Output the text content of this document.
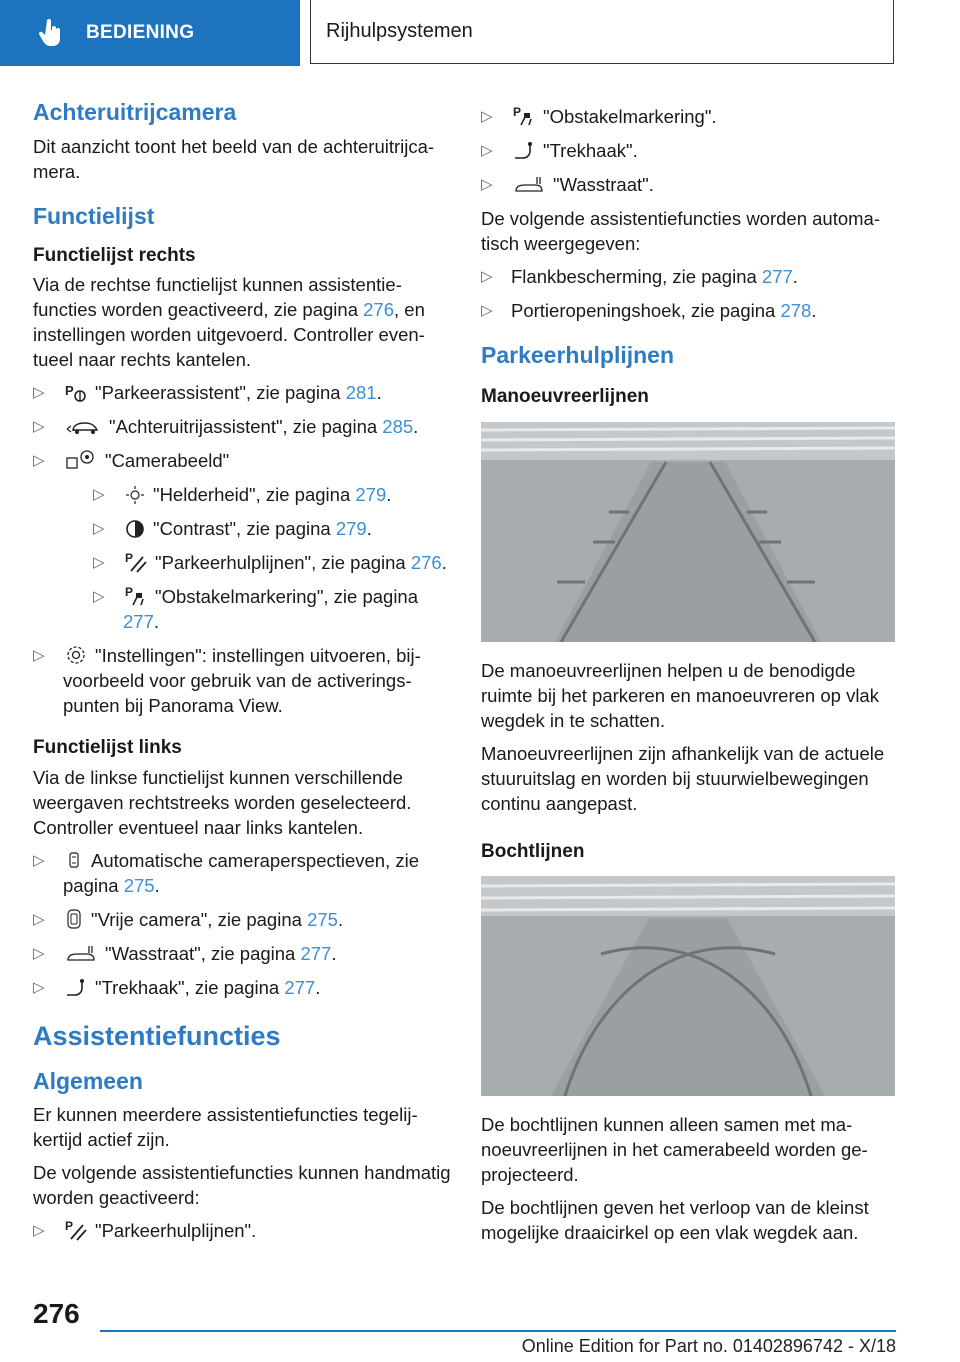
BEDIENING	Rijhulpsystemen
Achteruitrijcamera

Dit aanzicht toont het beeld van de achteruitrijcamera.

Functielijst
Functielijst rechts

Via de rechtse functielijst kunnen assistentiefuncties worden geactiveerd, zie pagina 276, en instellingen worden uitgevoerd. Controller eventueel naar rechts kantelen.

▷ P "Parkeerassistent", zie pagina 281.
▷	"Achteruitrijassistent", zie pagina 285.
▷	"Camerabeeld"
▷	"Helderheid", zie pagina 279.
▷	"Contrast", zie pagina 279.
▷ P "Parkeerhulplijnen", zie pagina 276.
▷ P "Obstakelmarkering", zie pagina 277.
▷	"Instellingen": instellingen uitvoeren, bijvoorbeeld voor gebruik van de activeringspunten bij Panorama View.
Functielijst links

Via de linkse functielijst kunnen verschillende weergaven rechtstreeks worden geselecteerd. Controller eventueel naar links kantelen.

▷	Automatische cameraperspectieven, zie pagina 275.
▷	"Vrije camera", zie pagina 275.
▷	"Wasstraat", zie pagina 277.
▷	"Trekhaak", zie pagina 277.
Assistentiefuncties
Algemeen

Er kunnen meerdere assistentiefuncties tegelijkertijd actief zijn.

De volgende assistentiefuncties kunnen handmatig worden geactiveerd:

▷ P "Parkeerhulplijnen".
▷ P "Obstakelmarkering".
▷	"Trekhaak".
▷	"Wasstraat".

De volgende assistentiefuncties worden automatisch weergegeven:

▷ Flankbescherming, zie pagina 277.
▷ Portieropeningshoek, zie pagina 278.
Parkeerhulplijnen
Manoeuvreerlijnen

De manoeuvreerlijnen helpen u de benodigde ruimte bij het parkeren en manoeuvreren op vlak wegdek in te schatten.

Manoeuvreerlijnen zijn afhankelijk van de actuele stuuruitslag en worden bij stuurwielbewegingen continu aangepast.

Bochtlijnen

De bochtlijnen kunnen alleen samen met manoeuvreerlijnen in het camerabeeld worden geprojecteerd.

De bochtlijnen geven het verloop van de kleinst mogelijke draaicirkel op een vlak wegdek aan.

276
Online Edition for Part no. 01402896742 - X/18
